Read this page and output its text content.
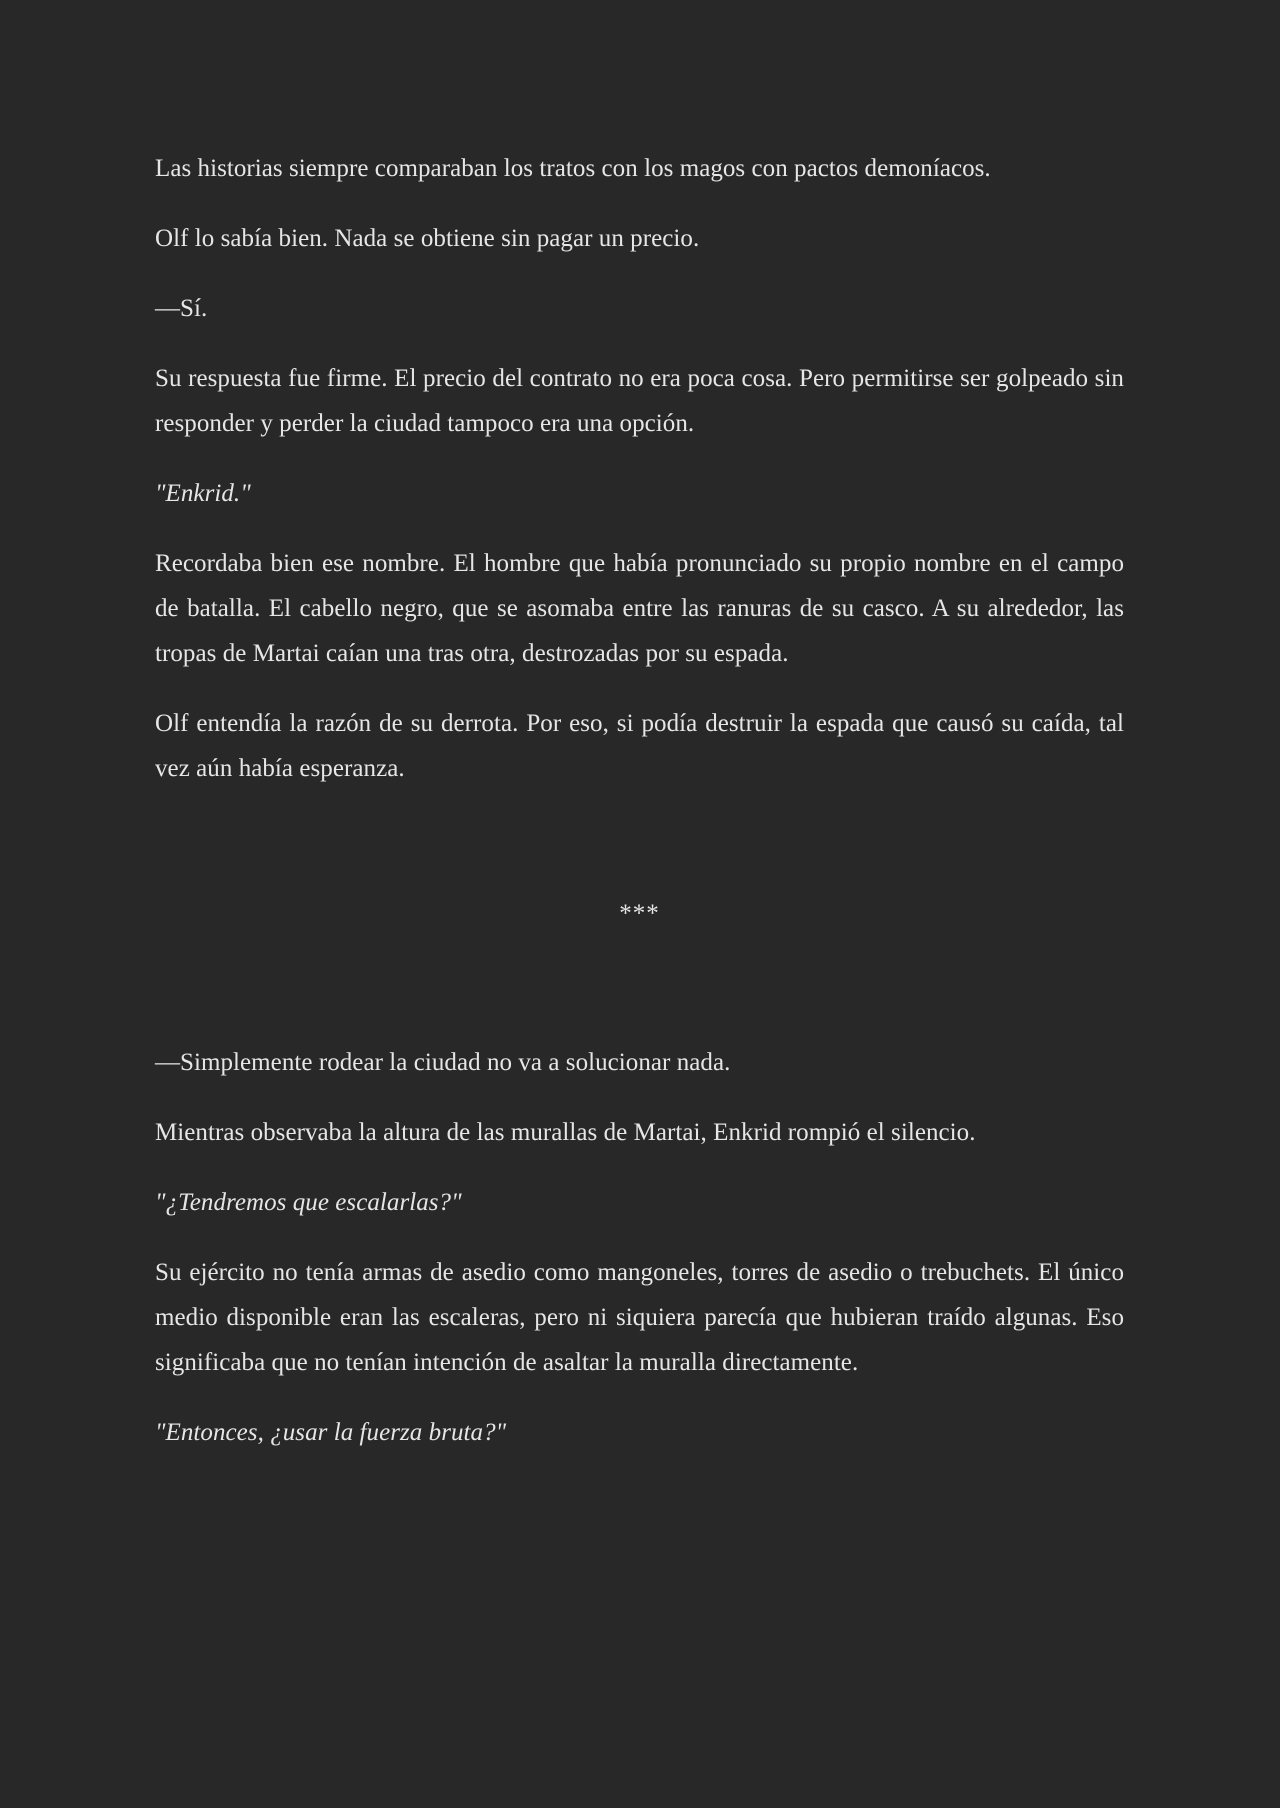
Las historias siempre comparaban los tratos con los magos con pactos demoníacos.

Olf lo sabía bien. Nada se obtiene sin pagar un precio.

—Sí.

Su respuesta fue firme. El precio del contrato no era poca cosa. Pero permitirse ser golpeado sin responder y perder la ciudad tampoco era una opción.

"Enkrid."

Recordaba bien ese nombre. El hombre que había pronunciado su propio nombre en el campo de batalla. El cabello negro, que se asomaba entre las ranuras de su casco. A su alrededor, las tropas de Martai caían una tras otra, destrozadas por su espada.

Olf entendía la razón de su derrota. Por eso, si podía destruir la espada que causó su caída, tal vez aún había esperanza.

***

—Simplemente rodear la ciudad no va a solucionar nada.

Mientras observaba la altura de las murallas de Martai, Enkrid rompió el silencio.

"¿Tendremos que escalarlas?"

Su ejército no tenía armas de asedio como mangoneles, torres de asedio o trebuchets. El único medio disponible eran las escaleras, pero ni siquiera parecía que hubieran traído algunas. Eso significaba que no tenían intención de asaltar la muralla directamente.

"Entonces, ¿usar la fuerza bruta?"
